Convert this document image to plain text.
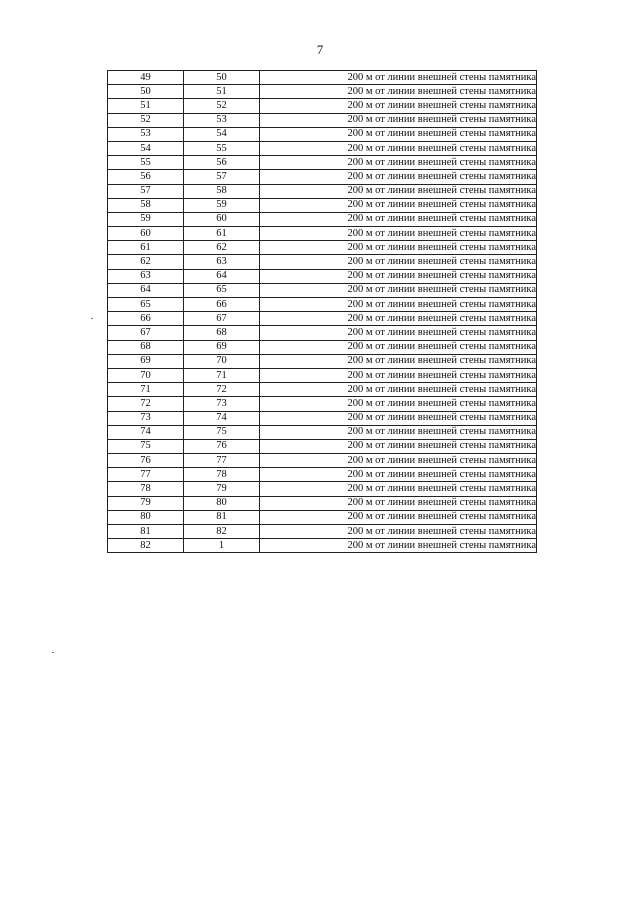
7
49	50	200 м от линии внешней стены памятника
50	51	200 м от линии внешней стены памятника
51	52	200 м от линии внешней стены памятника
52	53	200 м от линии внешней стены памятника
53	54	200 м от линии внешней стены памятника
54	55	200 м от линии внешней стены памятника
55	56	200 м от линии внешней стены памятника
56	57	200 м от линии внешней стены памятника
57	58	200 м от линии внешней стены памятника
58	59	200 м от линии внешней стены памятника
59	60	200 м от линии внешней стены памятника
60	61	200 м от линии внешней стены памятника
61	62	200 м от линии внешней стены памятника
62	63	200 м от линии внешней стены памятника
63	64	200 м от линии внешней стены памятника
64	65	200 м от линии внешней стены памятника
65	66	200 м от линии внешней стены памятника
66	67	200 м от линии внешней стены памятника
67	68	200 м от линии внешней стены памятника
68	69	200 м от линии внешней стены памятника
69	70	200 м от линии внешней стены памятника
70	71	200 м от линии внешней стены памятника
71	72	200 м от линии внешней стены памятника
72	73	200 м от линии внешней стены памятника
73	74	200 м от линии внешней стены памятника
74	75	200 м от линии внешней стены памятника
75	76	200 м от линии внешней стены памятника
76	77	200 м от линии внешней стены памятника
77	78	200 м от линии внешней стены памятника
78	79	200 м от линии внешней стены памятника
79	80	200 м от линии внешней стены памятника
80	81	200 м от линии внешней стены памятника
81	82	200 м от линии внешней стены памятника
82	1	200 м от линии внешней стены памятника
